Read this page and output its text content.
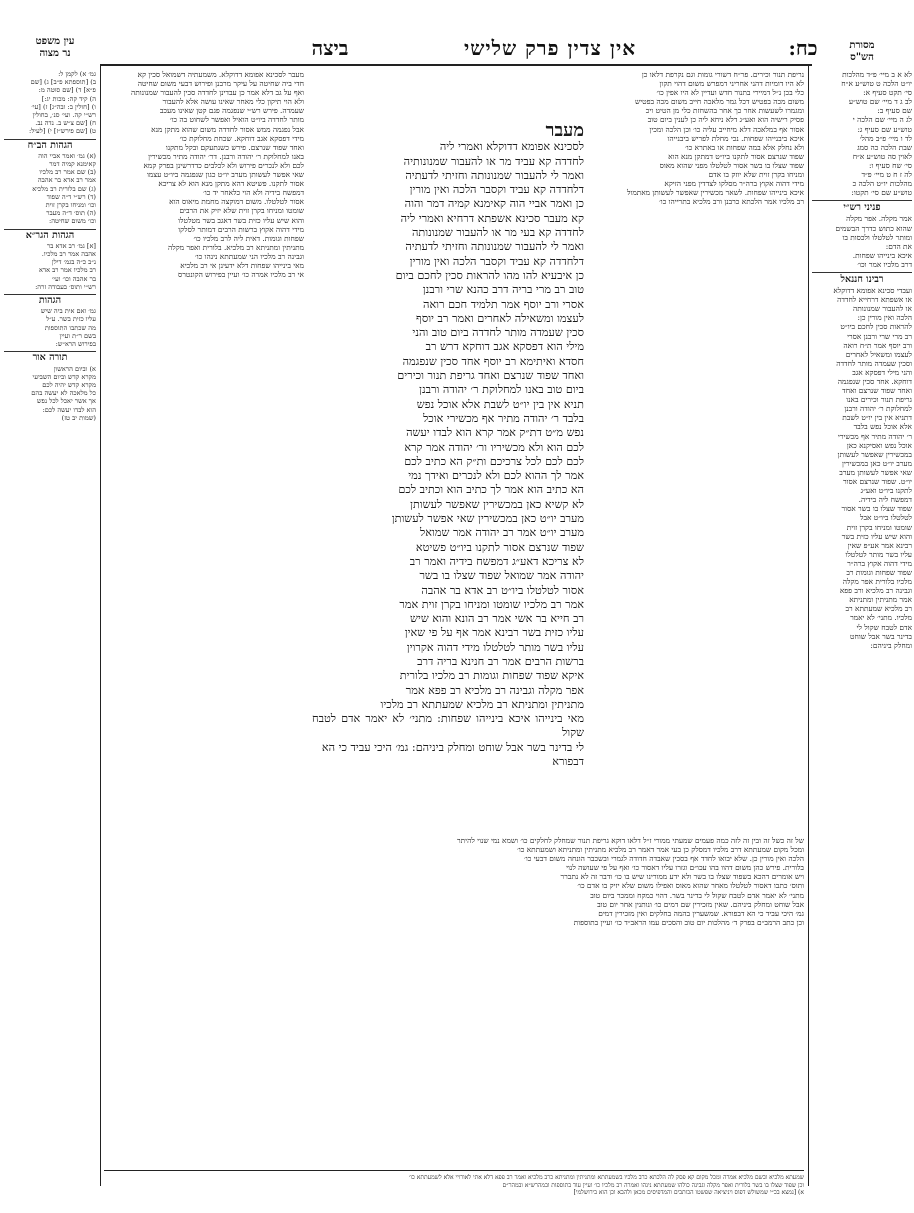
עין משפט
נר מצוה	כח:
אין צדין פרק שלישי
ביצה	מסורת
הש"ס

לא א ב מיי׳ פ״ד מהלכות

יו״ט הלכה ט טוש״ע א״ח

סי׳ תקט סעיף א:

לב ג ד מיי׳ שם טוש״ע

שם סעיף ב:

לג ה מיי׳ שם הלכה י

טוש״ע שם סעיף ג:

לד ו מיי׳ פ״ב מהל׳

שבת הלכה כה סמג

לאוין סה טוש״ע א״ח

סי׳ שח סעיף ו:

לה ז ח ט מיי׳ פ״ד

מהלכות יו״ט הלכה כ

טוש״ע שם סי׳ תקטו:

פניני רש״י

אמר מקלה. אפר מקלה

שהוא כתוש כדרך הבשמים

ומותר לטלטלו ולכסות בו

את הדם:

איכא בינייהו שפחות.

דרב מלכיו אמר וכו׳

רבינו חננאל

ועבדי סכינא אפומא דדוקלא

או אשפתא דרחייא לחדדה

או להעבור שמנונותה

הלכה ואין מורין כן:

להראות סכין לחכם ביו״ט

רב מרי שרי ורבנן אסרי

ורב יוסף אמר ת״ח רואה

לעצמו ומשאיל לאחרים

וסכין שעמדה מותר לחדדה

והני מילי דפסקא אגב

דוחקא. אחד סכין שנפגמה

ואחד שפוד שנרצם ואחד

גריפת תנור וכירים באנו

למחלוקת ר׳ יהודה ורבנן

דתניא אין בין יו״ט לשבת

אלא אוכל נפש בלבד

ר׳ יהודה מתיר אף מכשירי

אוכל נפש ואסיקנא כאן

במכשירין שאפשר לעשותן

מערב יו״ט כאן במכשירין

שאי אפשר לעשותן מערב

יו״ט. שפוד שנרצם אסור

לתקנו ביו״ט ואע״ג

דמפשח ליה בידיה.

שפוד שצלו בו בשר אסור

לטלטלו ביו״ט אבל

שומטו ומניחו בקרן זוית

והוא שיש עליו כזית בשר

רבינא אמר אע״פ שאין

עליו בשר מותר לטלטלו

מידי דהוה אקוץ ברה״ר

שפוד שפחות וגומות רב

מלכיו בלורית אפר מקלה

וגבינה רב מלכיא ורב פפא

אמר מתניתין ומתניתא

רב מלכיא שמעתתא רב

מלכיו. מתני׳ לא יאמר

אדם לטבח שקול לי

בדינר בשר אבל שוחט

ומחלק ביניהם:

נריפת תנור וכירים. פר״ח דשורי גומות וגם נקרפת דלאו כן

לא היו דומיות דהני אחריני דמפרש משום דהוי תקון

כלי בכן נ״ל דמיירי בתנור חדש ועדיין לא היו אפין כו׳

משום מכה בפטיש דכל גמר מלאכה חייב משום מכה בפטיש

ומגמרו לשעשות אחר כך אחר בהשחזת כלי מן הטיט ויכ

פסיק רישיה הוא ואע״ג דלא ניחא ליה כן לענין ביום טוב

אסור אף במלאכה דלא מיחייב עליה כו׳ וכן הלכה ומכין

איכא ביבנייהו שפחות. נכי מחלת לפריש ביבנייהו

ולא נחלק אלא במה שפחות או באתרא כו׳

שפוד שנרצם אסור לתקנו ביו״ט דמתקן מנא הוא

שפוד שצלו בו בשר אסור לטלטלו מפני שהוא מאוס

ומניחו בקרן זוית שלא יוזק בו אדם

מידי דהוה אקוץ ברה״ר מסלקו לצדדין מפני הזיקא

איכא בינייהו שפחות. לשאר מכשירין שאפשר לעשותן מאתמול

רב מלכיו אמר הלכתא כרבנן ורב מלכיא בתרייהו כו׳

מעבר

לסכינא אפומא דדוקלא ואמרי ליה

לחדדה קא עביד מר או להעבור שמנונותיה

ואמר לי להעבור שמנונותה וחזיתי לדעתיה

דלחדדה קא עביד וקסבר הלכה ואין מורין

כן ואמר אביי הוה קאימנא קמיה דמר והוה

קא מעבר סכינא אשפתא דרחיא ואמרי ליה

לחדדה קא בעי מר או להעבור שמנונותה

ואמר לי להעבור שמנונותה וחזיתי לדעתיה

דלחדדה קא עביד וקסבר הלכה ואין מורין

כן איבעיא להו מהו להראות סכין לחכם ביום

טוב רב מרי בריה דרב כהנא שרי ורבנן

אסרי ורב יוסף אמר תלמיד חכם רואה

לעצמו ומשאילה לאחרים ואמר רב יוסף

סכין שעמדה מותר לחדדה ביום טוב והני

מילי הוא דפסקא אגב דוחקא דרש רב

חסדא ואיתימא רב יוסף אחד סכין שנפגמה

ואחד שפוד שנרצם ואחד גריפת תנור וכירים

ביום טוב באנו למחלוקת ר׳ יהודה ורבנן

תניא אין בין יו״ט לשבת אלא אוכל נפש

בלבד ר׳ יהודה מתיר אף מכשירי אוכל

נפש מ״ט דת״ק אמר קרא הוא לבדו יעשה

לכם הוא ולא מכשיריו ור׳ יהודה אמר קרא

לכם לכם לכל צרכיכם ות״ק הא כתיב לכם

אמר לך ההוא לכם ולא לנכרים ואידך נמי

הא כתיב הוא אמר לך כתיב הוא וכתיב לכם

לא קשיא כאן במכשירין שאפשר לעשותן

מערב יו״ט כאן במכשירין שאי אפשר לעשותן

מערב יו״ט אמר רב יהודה אמר שמואל

שפוד שנרצם אסור לתקנו ביו״ט פשיטא

לא צריכא דאע״ג דמפשח בידיה ואמר רב

יהודה אמר שמואל שפוד שצלו בו בשר

אסור לטלטלו ביו״ט רב אדא בר אהבה

אמר רב מלכיו שומטו ומניחו בקרן זוית אמר

רב חייא בר אשי אמר רב הונא והוא שיש

עליו כזית בשר רבינא אמר אף על פי שאין

עליו בשר מותר לטלטלו מידי דהוה אקרוין

ברשות הרבים אמר רב חנינא בריה דרב

איקא שפוד שפחות וגומות רב מלכיו בלורית

אפר מקלה וגבינה רב מלכיא רב פפא אמר

מתניתין ומתניתא רב מלכיא שמעתתא רב מלכיו

מאי בינייהו איכא בינייהו שפחות: מתני׳ לא יאמר אדם לטבח שקול

לי בדינר בשר אבל שוחט ומחלק ביניהם: גמ׳ היכי עביד כי הא

דבפורא

מעבר לסכינא אפומא דדוקלא. משמעתיה דשמואל סכין קא

חדי ביה שחיטה על עיקר מרבנן ופירוש דבעי משום שחיטה

ואף על גב דלא אמר כן עבדינן לחדדה סכין להעבור שמנונותה

ולא הוי תיקון כלי מאחר שאינו עושה אלא להעבור

שעמדה. פירש רש״י שנפגמה פגם קטן שאינו מעכב

מותר לחדדה ביו״ט הואיל ואפשר לשחוט בה כו׳

אבל נפגמה ממש אסור לחדדה משום שהוא מתקן מנא

מידי דפסקא אגב דוחקא. שכחת מחלוקת כו׳

ואחד שפוד שנרצם. פירש כשנתעקם ובקל מתקנו

באנו למחלוקת ר׳ יהודה ורבנן. דר׳ יהודה מתיר מכשירין

לכם ולא לנכרים פירוש ולא לכלבים כדדרשינן בפרק קמא

שאי אפשר לעשותן מערב יו״ט כגון שנפגמה ביו״ט עצמו

אסור לתקנו. פשיטא דהא מתקן מנא הוא לא צריכא

דמפשח בידיה ולא הוי כלאחר יד כו׳

אסור לטלטלו. משום דמוקצה מחמת מיאוס הוא

שומטו ומניחו בקרן זוית שלא יזיק את הרבים

והוא שיש עליו כזית בשר דאגב בשר מטלטלו

מידי דהוה אקוץ ברשות הרבים דמותר לסלקו

שפחות וגומות. דאית ליה לרב מלכיו כו׳

מתניתין ומתניתא רב מלכיא. בלורית ואפר מקלה

וגבינה רב מלכיו הני שמעתתא נינהו כו׳

מאי בינייהו שפחות דלא ידעינן אי רב מלכיא

אי רב מלכיו אמרה כו׳ ועיין בפירוש הקונטרס

גמ׳ א) לקמן ל:

ב) [תוספתא פ״ב] ג) [שם

פ״א] ד) [שם סוטה מ:

ה) קיד קה: מכות יג:]

ו) [חולין ב: ובה״ג] ז) [עי׳

רש״י קה. ועי׳ סנ׳, בחולין

ח) [שם צ״ש ב. נדה נב.

ט) [שם פירש״ז] י) [לעיל:

הגהות הב״ח

(א) גמ׳ ואמר אביי הוה

קאימנא קמיה דמר

(ב) שם אמר רב מלכיו

אמר רב אדא בר אהבה

(ג) שם בלורית רב מלכיא

(ד) רש״י ד״ה שפוד

וכו׳ ומניחו בקרן זוית

(ה) תוס׳ ד״ה מעבר

וכו׳ משום שחיטה:

הגהות הגר״א

[א] גמ׳ רב אדא בר

אהבה אמר רב מלכיו.

נ״ב כ״ה בגמ׳ דילן

רב מלכיו אמר רב אדא

בר אהבה וכו׳ ועי׳

רש״י ותוס׳ בעבודה זרה:

הגהות

גמ׳ ואם אית ביה שיש

עליו כזית בשר. ע״ל

מה שכתבו התוספות

בשם ר״ת ועיין

בפירוש הרא״ש:

תורה אור

א) וביום הראשון

מקרא קדש וביום השביעי

מקרא קדש יהיה לכם

כל מלאכה לא יעשה בהם

אך אשר יאכל לכל נפש

הוא לבדו יעשה לכם:

(שמות יב טז)

של זה כשל זה ובין זה לזה כמה פעמים שמעתי ממורי ז״ל דלאו דוקא גריפת תנור שמחלק לחלקים כו׳ ושמא נמי שנוי להיתר

ומכל מקום שמעתתא דרב מלכיו דמסלק כן בעי אמר דאמר רב מלכיא מתניתין ומתניתא ושמעתתא כו׳

הלכה ואין מורין כן. שלא יבואו לחדד אף בסכין שאבדה חדודה לגמרי ובשכבר הונחה משום דבעי כו׳

בלורית. פירש כהן משום דהוו בהו עכו״ם וגזרו עליו דאסור כו׳ ואף על פי שעושה לנוי

ויש אומרים דהכא בשפוד שצלו בו בשר ולא ידע ממורינו שיש בו כו׳ ודבר זה לא נתברר

ותוס׳ כתבו דאסור לטלטלו מאחר שהוא מאוס ואפילו משום שלא יזיק בו אדם כו׳

מתני׳ לא יאמר אדם לטבח שקול לי בדינר בשר. דהוי כמקח וממכר ביום טוב

אבל שוחט ומחלק ביניהם. שאין מזכירין שם דמים כו׳ ונותנין אחר יום טוב

גמ׳ היכי עביד כי הא דבפורא. שמשערין בהמה בחלקים ואין מזכירין דמים

וכן כתב הרמב״ם בפרק ד׳ מהלכות יום טוב והסכים עמו הראב״ד כו׳ ועיין בתוספות

שמעתא מלכיא ובשם מלכיא אמרה ומכל מקום קא פסק לה הלכתא כרב מלכיו בשמעתתא ומתניתין ומתניתא כרב מלכיא ואמר רב פפא דלא אתי לאורויי אלא לשמעתתא כו׳

וכן שפוד שצלו בו בשר בלורית ואפר מקלה וגבינה כולהו שמעתתא נינהו ואמרה רב מלכיו כו׳ ועיין עוד בתוספות ובמהרש״א ובמהר״ם

א) [נמצא בכ״י שמשולש דפוס ויניציאה שפשטו הכותבים והמדפיסים מכאן ולהבא וכן הוא בירושלמי]
